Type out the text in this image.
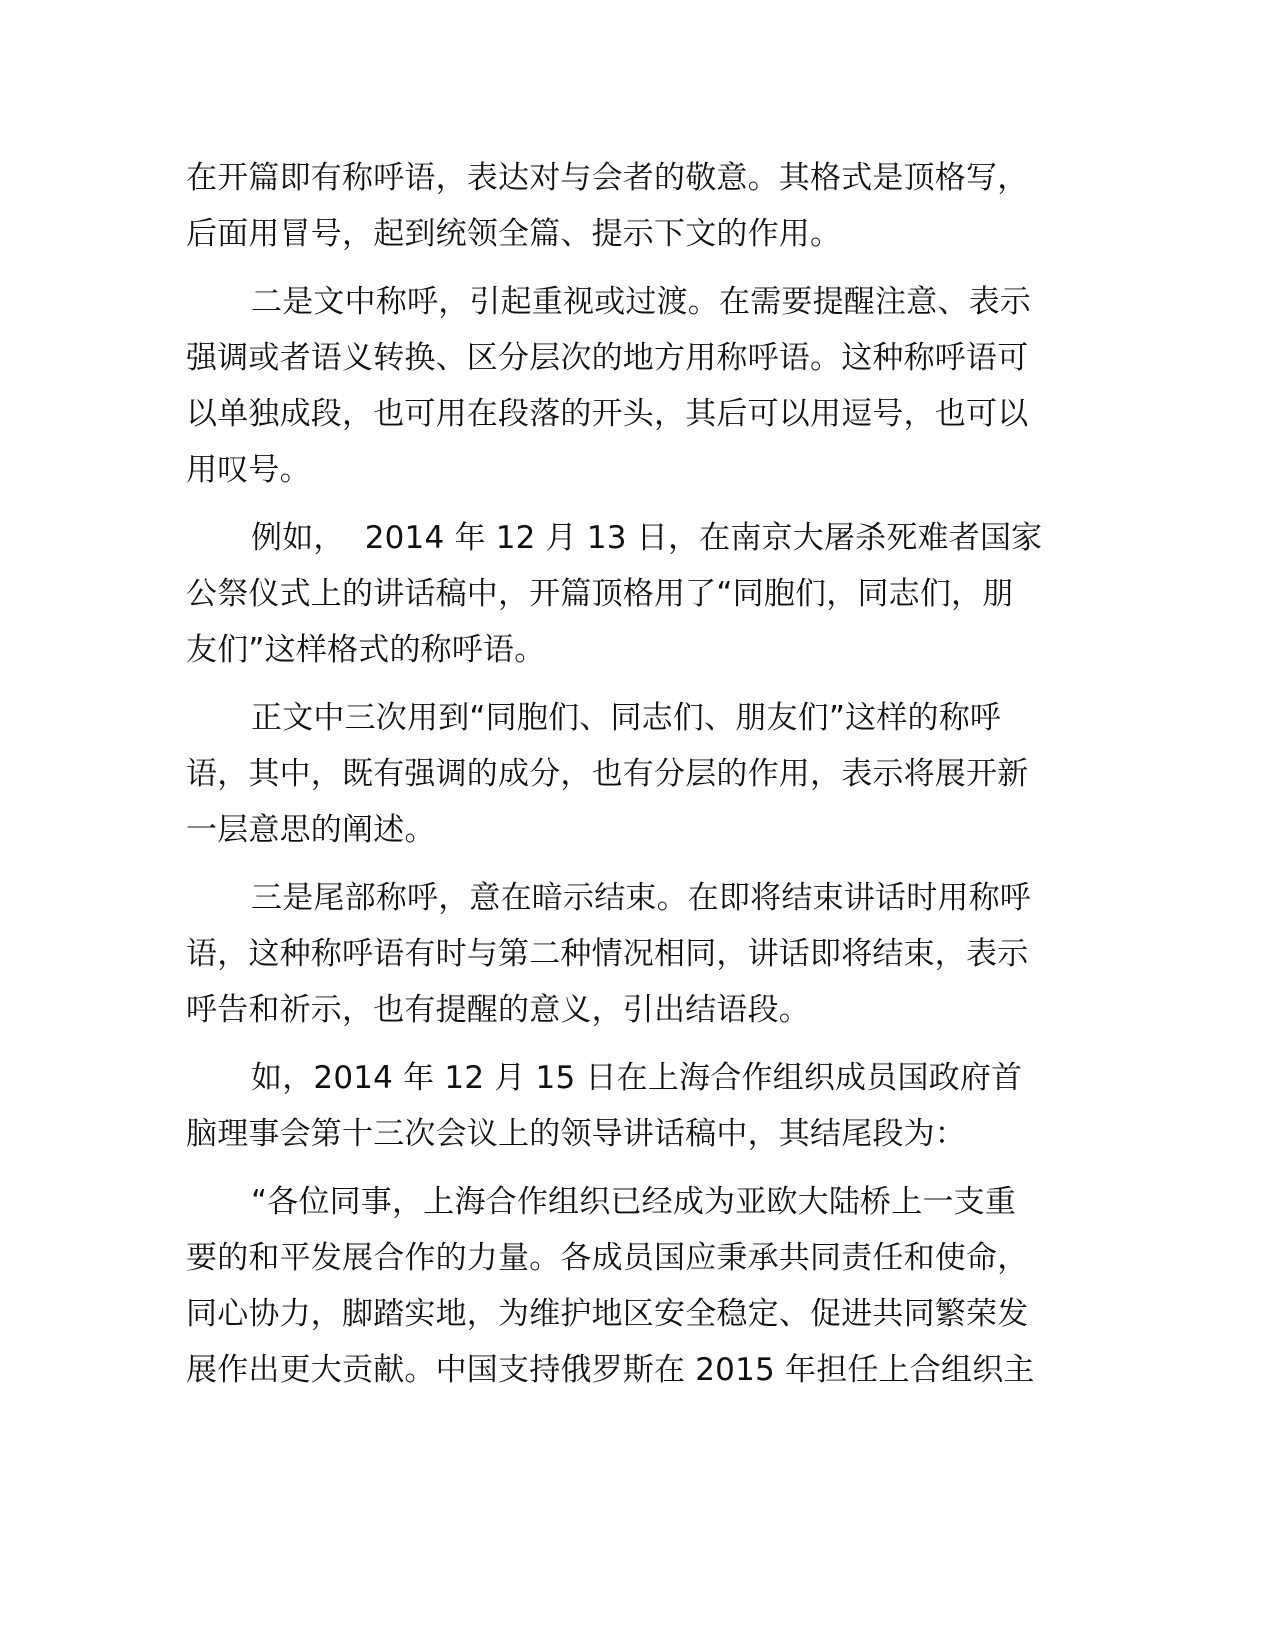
在开篇即有称呼语，表达对与会者的敬意。其格式是顶格写，
后面用冒号，起到统领全篇、提示下文的作用。
二是文中称呼，引起重视或过渡。在需要提醒注意、表示
强调或者语义转换、区分层次的地方用称呼语。这种称呼语可
以单独成段，也可用在段落的开头，其后可以用逗号，也可以
用叹号。
例如，  2014 年 12 月 13 日，在南京大屠杀死难者国家
公祭仪式上的讲话稿中，开篇顶格用了“同胞们，同志们，朋
友们”这样格式的称呼语。
正文中三次用到“同胞们、同志们、朋友们”这样的称呼
语，其中，既有强调的成分，也有分层的作用，表示将展开新
一层意思的阐述。
三是尾部称呼，意在暗示结束。在即将结束讲话时用称呼
语，这种称呼语有时与第二种情况相同，讲话即将结束，表示
呼告和祈示，也有提醒的意义，引出结语段。
如，2014 年 12 月 15 日在上海合作组织成员国政府首
脑理事会第十三次会议上的领导讲话稿中，其结尾段为：
“各位同事，上海合作组织已经成为亚欧大陆桥上一支重
要的和平发展合作的力量。各成员国应秉承共同责任和使命，
同心协力，脚踏实地，为维护地区安全稳定、促进共同繁荣发
展作出更大贡献。中国支持俄罗斯在 2015 年担任上合组织主
